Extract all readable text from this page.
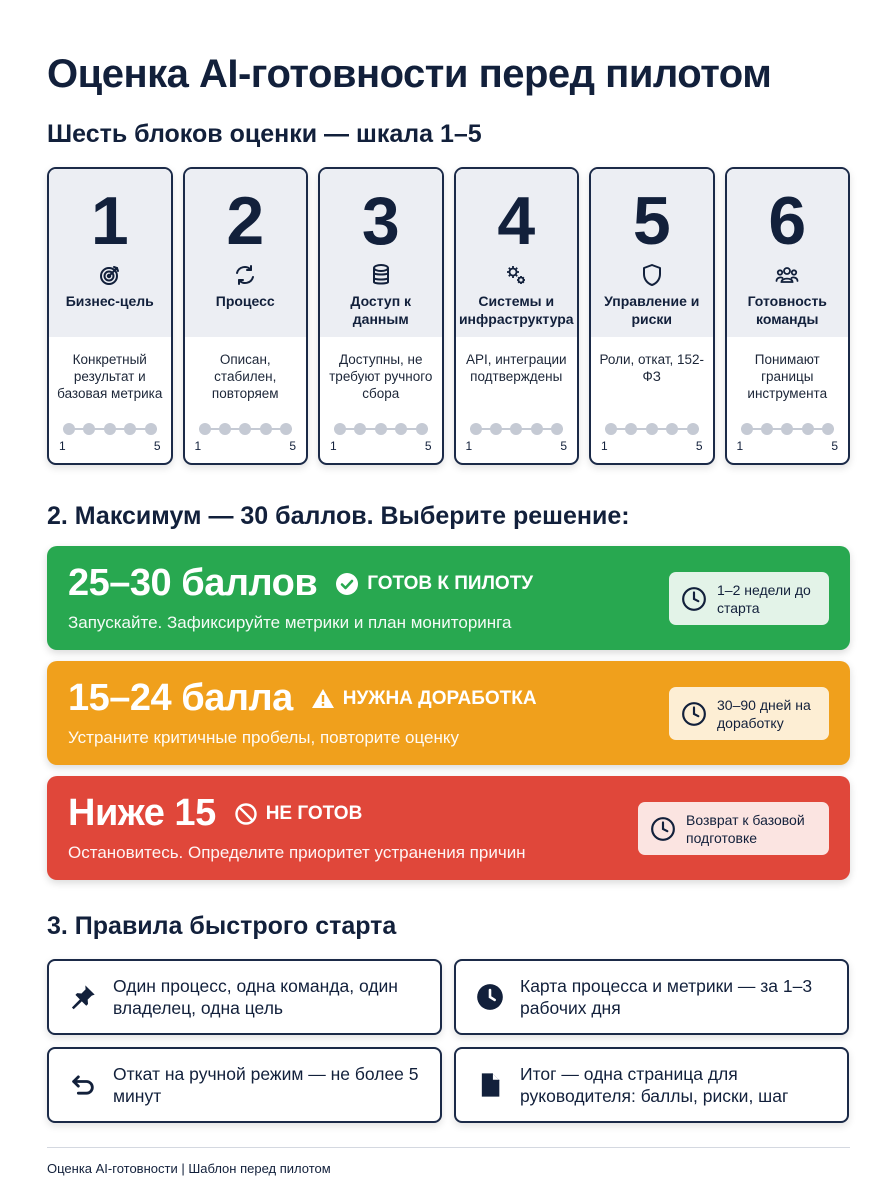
Оценка AI-готовности перед пилотом
Шесть блоков оценки — шкала 1–5
1
Бизнес-цель
Конкретный результат и базовая метрика
1	5
2
Процесс
Описан, стабилен, повторяем
1	5
3
Доступ к данным
Доступны, не требуют ручного сбора
1	5
4
Системы и инфраструктура
API, интеграции подтверждены
1	5
5
Управление и риски
Роли, откат, 152-ФЗ
1	5
6
Готовность команды
Понимают границы инструмента
1	5
2. Максимум — 30 баллов. Выберите решение:
25–30 баллов	ГОТОВ К ПИЛОТУ
Запускайте. Зафиксируйте метрики и план мониторинга
1–2 недели до старта
15–24 балла	НУЖНА ДОРАБОТКА
Устраните критичные пробелы, повторите оценку
30–90 дней на доработку
Ниже 15	НЕ ГОТОВ
Остановитесь. Определите приоритет устранения причин
Возврат к базовой подготовке
3. Правила быстрого старта
Один процесс, одна команда, один владелец, одна цель
Карта процесса и метрики — за 1–3 рабочих дня
Откат на ручной режим — не более 5 минут
Итог — одна страница для руководителя: баллы, риски, шаг
Оценка AI-готовности | Шаблон перед пилотом
